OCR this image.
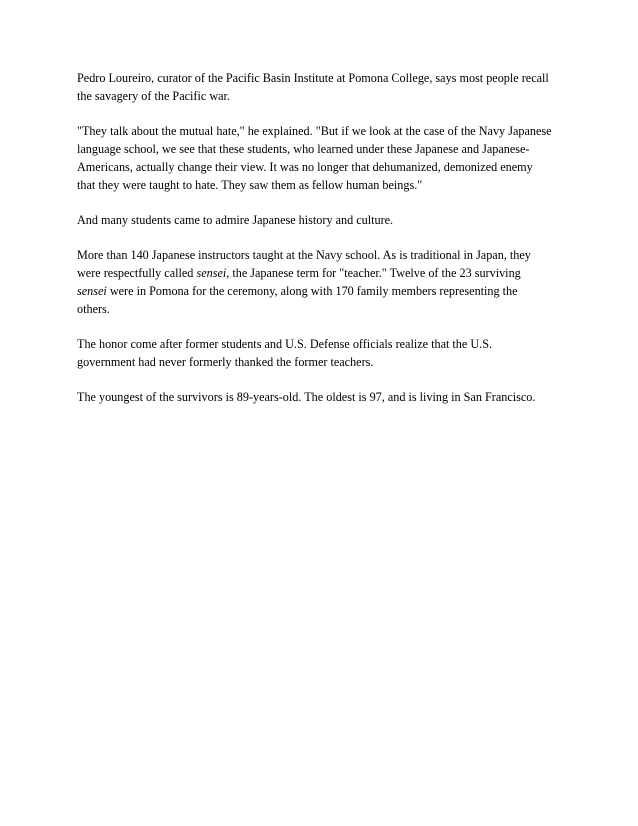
Pedro Loureiro, curator of the Pacific Basin Institute at Pomona College, says most people recall
the savagery of the Pacific war.

"They talk about the mutual hate," he explained. "But if we look at the case of the Navy Japanese
language school, we see that these students, who learned under these Japanese and Japanese-
Americans, actually change their view. It was no longer that dehumanized, demonized enemy
that they were taught to hate. They saw them as fellow human beings."

And many students came to admire Japanese history and culture.

More than 140 Japanese instructors taught at the Navy school. As is traditional in Japan, they
were respectfully called sensei, the Japanese term for "teacher." Twelve of the 23 surviving
sensei were in Pomona for the ceremony, along with 170 family members representing the
others.

The honor come after former students and U.S. Defense officials realize that the U.S.
government had never formerly thanked the former teachers.

The youngest of the survivors is 89-years-old. The oldest is 97, and is living in San Francisco.
